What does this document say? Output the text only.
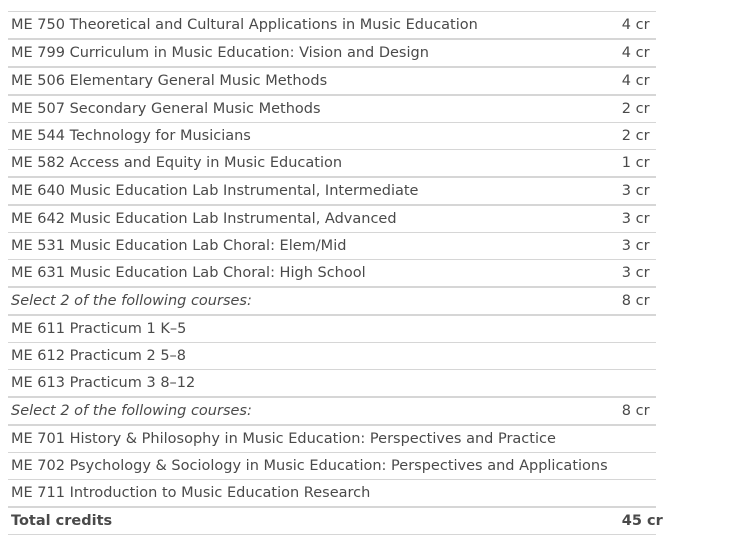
ME 750 Theoretical and Cultural Applications in Music Education	4 cr
ME 799 Curriculum in Music Education: Vision and Design	4 cr
ME 506 Elementary General Music Methods	4 cr
ME 507 Secondary General Music Methods	2 cr
ME 544 Technology for Musicians	2 cr
ME 582 Access and Equity in Music Education	1 cr
ME 640 Music Education Lab Instrumental, Intermediate	3 cr
ME 642 Music Education Lab Instrumental, Advanced	3 cr
ME 531 Music Education Lab Choral: Elem/Mid	3 cr
ME 631 Music Education Lab Choral: High School	3 cr
Select 2 of the following courses:	8 cr
ME 611 Practicum 1 K–5	
ME 612 Practicum 2 5–8	
ME 613 Practicum 3 8–12	
Select 2 of the following courses:	8 cr
ME 701 History & Philosophy in Music Education: Perspectives and Practice	
ME 702 Psychology & Sociology in Music Education: Perspectives and Applications	
ME 711 Introduction to Music Education Research	
Total credits	45 cr
